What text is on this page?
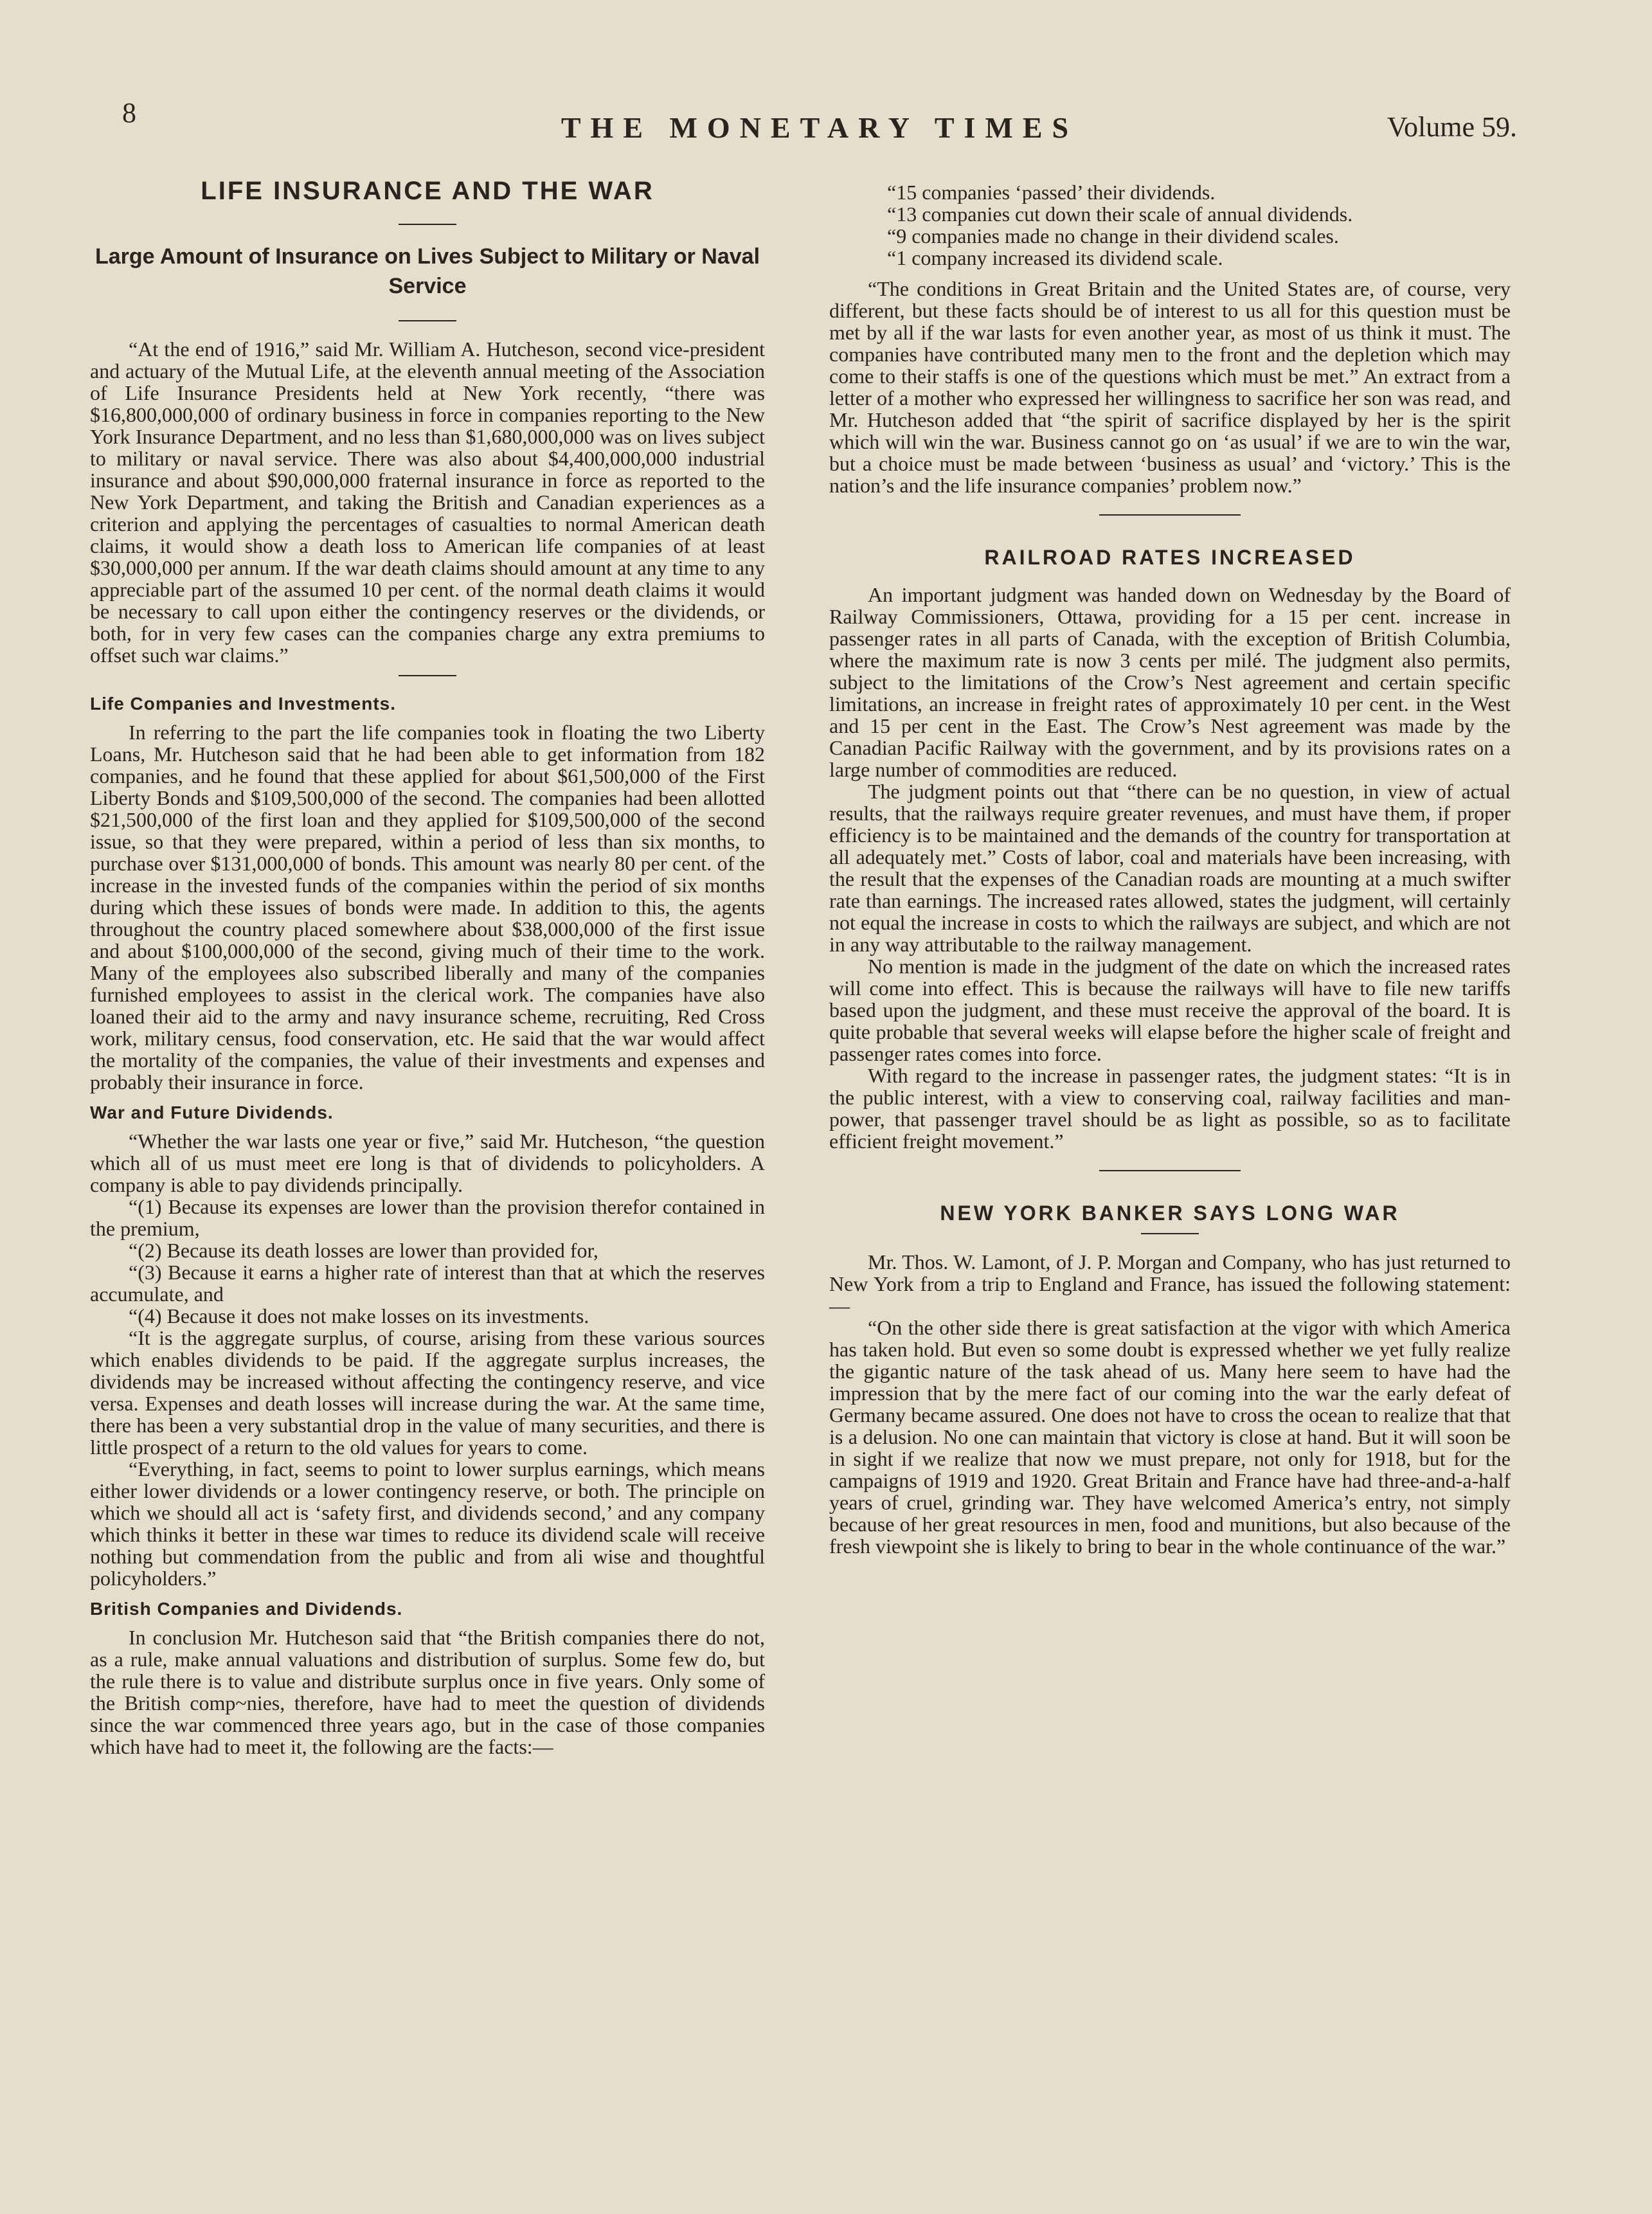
8	THE MONETARY TIMES	Volume 59.
LIFE INSURANCE AND THE WAR
Large Amount of Insurance on Lives Subject to Military or Naval Service

“At the end of 1916,” said Mr. William A. Hutcheson, second vice-president and actuary of the Mutual Life, at the eleventh annual meeting of the Association of Life Insurance Presidents held at New York recently, “there was $16,800,000,000 of ordinary business in force in companies reporting to the New York Insurance Department, and no less than $1,680,000,000 was on lives subject to military or naval service. There was also about $4,400,000,000 industrial insurance and about $90,000,000 fraternal insurance in force as reported to the New York Department, and taking the British and Canadian experiences as a criterion and applying the percentages of casualties to normal American death claims, it would show a death loss to American life companies of at least $30,000,000 per annum. If the war death claims should amount at any time to any appreciable part of the assumed 10 per cent. of the normal death claims it would be necessary to call upon either the contingency reserves or the dividends, or both, for in very few cases can the companies charge any extra premiums to offset such war claims.”

Life Companies and Investments.

In referring to the part the life companies took in floating the two Liberty Loans, Mr. Hutcheson said that he had been able to get information from 182 companies, and he found that these applied for about $61,500,000 of the First Liberty Bonds and $109,500,000 of the second. The companies had been allotted $21,500,000 of the first loan and they applied for $109,500,000 of the second issue, so that they were prepared, within a period of less than six months, to purchase over $131,000,000 of bonds. This amount was nearly 80 per cent. of the increase in the invested funds of the companies within the period of six months during which these issues of bonds were made. In addition to this, the agents throughout the country placed somewhere about $38,000,000 of the first issue and about $100,000,000 of the second, giving much of their time to the work. Many of the employees also subscribed liberally and many of the companies furnished employees to assist in the clerical work. The companies have also loaned their aid to the army and navy insurance scheme, recruiting, Red Cross work, military census, food conservation, etc. He said that the war would affect the mortality of the companies, the value of their investments and expenses and probably their insurance in force.

War and Future Dividends.

“Whether the war lasts one year or five,” said Mr. Hutcheson, “the question which all of us must meet ere long is that of dividends to policyholders. A company is able to pay dividends principally.

“(1) Because its expenses are lower than the provision therefor contained in the premium,

“(2) Because its death losses are lower than provided for,

“(3) Because it earns a higher rate of interest than that at which the reserves accumulate, and

“(4) Because it does not make losses on its investments.

“It is the aggregate surplus, of course, arising from these various sources which enables dividends to be paid. If the aggregate surplus increases, the dividends may be increased without affecting the contingency reserve, and vice versa. Expenses and death losses will increase during the war. At the same time, there has been a very substantial drop in the value of many securities, and there is little prospect of a return to the old values for years to come.

“Everything, in fact, seems to point to lower surplus earnings, which means either lower dividends or a lower contingency reserve, or both. The principle on which we should all act is ‘safety first, and dividends second,’ and any company which thinks it better in these war times to reduce its dividend scale will receive nothing but commendation from the public and from ali wise and thoughtful policyholders.”

British Companies and Dividends.

In conclusion Mr. Hutcheson said that “the British companies there do not, as a rule, make annual valuations and distribution of surplus. Some few do, but the rule there is to value and distribute surplus once in five years. Only some of the British comp~nies, therefore, have had to meet the question of dividends since the war commenced three years ago, but in the case of those companies which have had to meet it, the following are the facts:—

“15 companies ‘passed’ their dividends.

“13 companies cut down their scale of annual dividends.

“9 companies made no change in their dividend scales.

“1 company increased its dividend scale.

“The conditions in Great Britain and the United States are, of course, very different, but these facts should be of interest to us all for this question must be met by all if the war lasts for even another year, as most of us think it must. The companies have contributed many men to the front and the depletion which may come to their staffs is one of the questions which must be met.” An extract from a letter of a mother who expressed her willingness to sacrifice her son was read, and Mr. Hutcheson added that “the spirit of sacrifice displayed by her is the spirit which will win the war. Business cannot go on ‘as usual’ if we are to win the war, but a choice must be made between ‘business as usual’ and ‘victory.’ This is the nation’s and the life insurance companies’ problem now.”

RAILROAD RATES INCREASED

An important judgment was handed down on Wednesday by the Board of Railway Commissioners, Ottawa, providing for a 15 per cent. increase in passenger rates in all parts of Canada, with the exception of British Columbia, where the maximum rate is now 3 cents per milé. The judgment also permits, subject to the limitations of the Crow’s Nest agreement and certain specific limitations, an increase in freight rates of approximately 10 per cent. in the West and 15 per cent in the East. The Crow’s Nest agreement was made by the Canadian Pacific Railway with the government, and by its provisions rates on a large number of commodities are reduced.

The judgment points out that “there can be no question, in view of actual results, that the railways require greater revenues, and must have them, if proper efficiency is to be maintained and the demands of the country for transportation at all adequately met.” Costs of labor, coal and materials have been increasing, with the result that the expenses of the Canadian roads are mounting at a much swifter rate than earnings. The increased rates allowed, states the judgment, will certainly not equal the increase in costs to which the railways are subject, and which are not in any way attributable to the railway management.

No mention is made in the judgment of the date on which the increased rates will come into effect. This is because the railways will have to file new tariffs based upon the judgment, and these must receive the approval of the board. It is quite probable that several weeks will elapse before the higher scale of freight and passenger rates comes into force.

With regard to the increase in passenger rates, the judgment states: “It is in the public interest, with a view to conserving coal, railway facilities and man-power, that passenger travel should be as light as possible, so as to facilitate efficient freight movement.”

NEW YORK BANKER SAYS LONG WAR

Mr. Thos. W. Lamont, of J. P. Morgan and Company, who has just returned to New York from a trip to England and France, has issued the following statement:—

“On the other side there is great satisfaction at the vigor with which America has taken hold. But even so some doubt is expressed whether we yet fully realize the gigantic nature of the task ahead of us. Many here seem to have had the impression that by the mere fact of our coming into the war the early defeat of Germany became assured. One does not have to cross the ocean to realize that that is a delusion. No one can maintain that victory is close at hand. But it will soon be in sight if we realize that now we must prepare, not only for 1918, but for the campaigns of 1919 and 1920. Great Britain and France have had three-and-a-half years of cruel, grinding war. They have welcomed America’s entry, not simply because of her great resources in men, food and munitions, but also because of the fresh viewpoint she is likely to bring to bear in the whole continuance of the war.”
